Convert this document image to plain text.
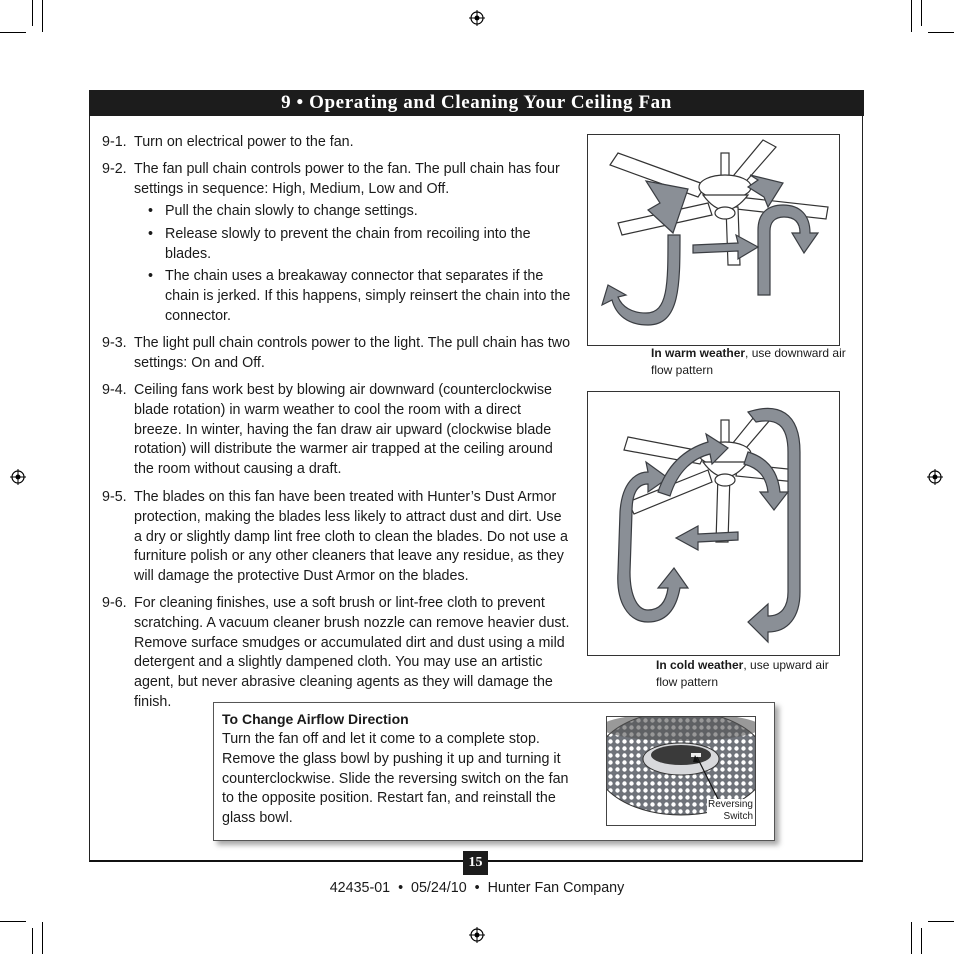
9 • Operating and Cleaning Your Ceiling Fan
9-1. Turn on electrical power to the fan.
9-2. The fan pull chain controls power to the fan. The pull chain has four settings in sequence: High, Medium, Low and Off.
• Pull the chain slowly to change settings.
• Release slowly to prevent the chain from recoiling into the blades.
• The chain uses a breakaway connector that separates if the chain is jerked. If this happens, simply reinsert the chain into the connector.
9-3. The light pull chain controls power to the light. The pull chain has two settings: On and Off.
9-4. Ceiling fans work best by blowing air downward (counterclockwise blade rotation) in warm weather to cool the room with a direct breeze. In winter, having the fan draw air upward (clockwise blade rotation) will distribute the warmer air trapped at the ceiling around the room without causing a draft.
9-5. The blades on this fan have been treated with Hunter’s Dust Armor protection, making the blades less likely to attract dust and dirt. Use a dry or slightly damp lint free cloth to clean the blades. Do not use a furniture polish or any other cleaners that leave any residue, as they will damage the protective Dust Armor on the blades.
9-6. For cleaning finishes, use a soft brush or lint-free cloth to prevent scratching. A vacuum cleaner brush nozzle can remove heavier dust. Remove surface smudges or accumulated dirt and dust using a mild detergent and a slightly dampened cloth. You may use an artistic agent, but never abrasive cleaning agents as they will damage the finish.
In warm weather, use downward air flow pattern
In cold weather, use upward air flow pattern
To Change Airflow Direction

Turn the fan off and let it come to a complete stop. Remove the glass bowl by pushing it up and turning it counterclockwise. Slide the reversing switch on the fan to the opposite position. Restart fan, and reinstall the glass bowl.

Reversing
Switch
15
42435-01  •  05/24/10  •  Hunter Fan Company
